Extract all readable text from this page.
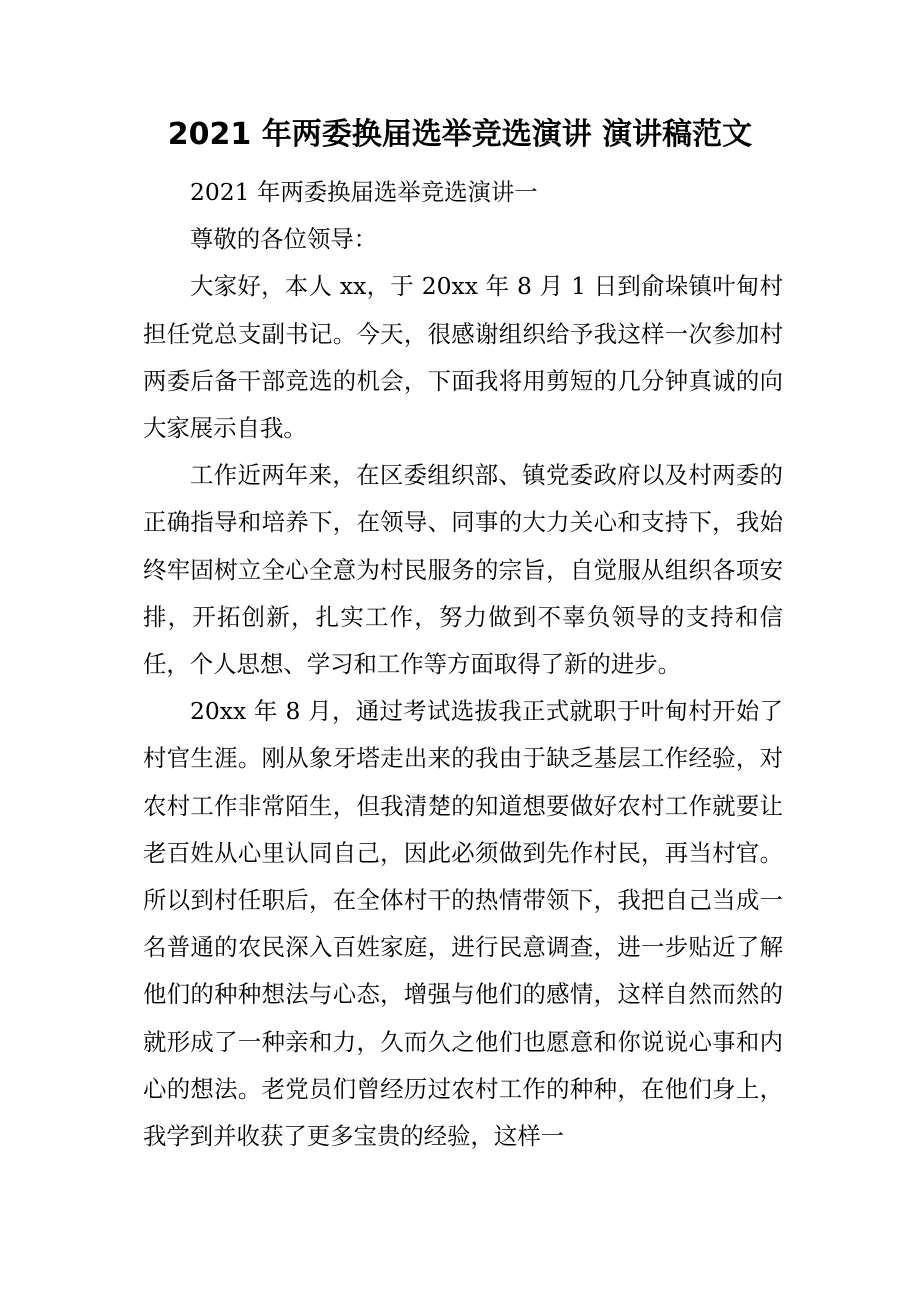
2021 年两委换届选举竞选演讲 演讲稿范文

2021 年两委换届选举竞选演讲一

尊敬的各位领导：

大家好，本人 xx，于 20xx 年 8 月 1 日到俞垛镇叶甸村担任党总支副书记。今天，很感谢组织给予我这样一次参加村两委后备干部竞选的机会，下面我将用剪短的几分钟真诚的向大家展示自我。

工作近两年来，在区委组织部、镇党委政府以及村两委的正确指导和培养下，在领导、同事的大力关心和支持下，我始终牢固树立全心全意为村民服务的宗旨，自觉服从组织各项安排，开拓创新，扎实工作，努力做到不辜负领导的支持和信任，个人思想、学习和工作等方面取得了新的进步。

20xx 年 8 月，通过考试选拔我正式就职于叶甸村开始了村官生涯。刚从象牙塔走出来的我由于缺乏基层工作经验，对农村工作非常陌生，但我清楚的知道想要做好农村工作就要让老百姓从心里认同自己，因此必须做到先作村民，再当村官。所以到村任职后，在全体村干的热情带领下，我把自己当成一名普通的农民深入百姓家庭，进行民意调查，进一步贴近了解他们的种种想法与心态，增强与他们的感情，这样自然而然的就形成了一种亲和力，久而久之他们也愿意和你说说心事和内心的想法。老党员们曾经历过农村工作的种种，在他们身上，我学到并收获了更多宝贵的经验，这样一
